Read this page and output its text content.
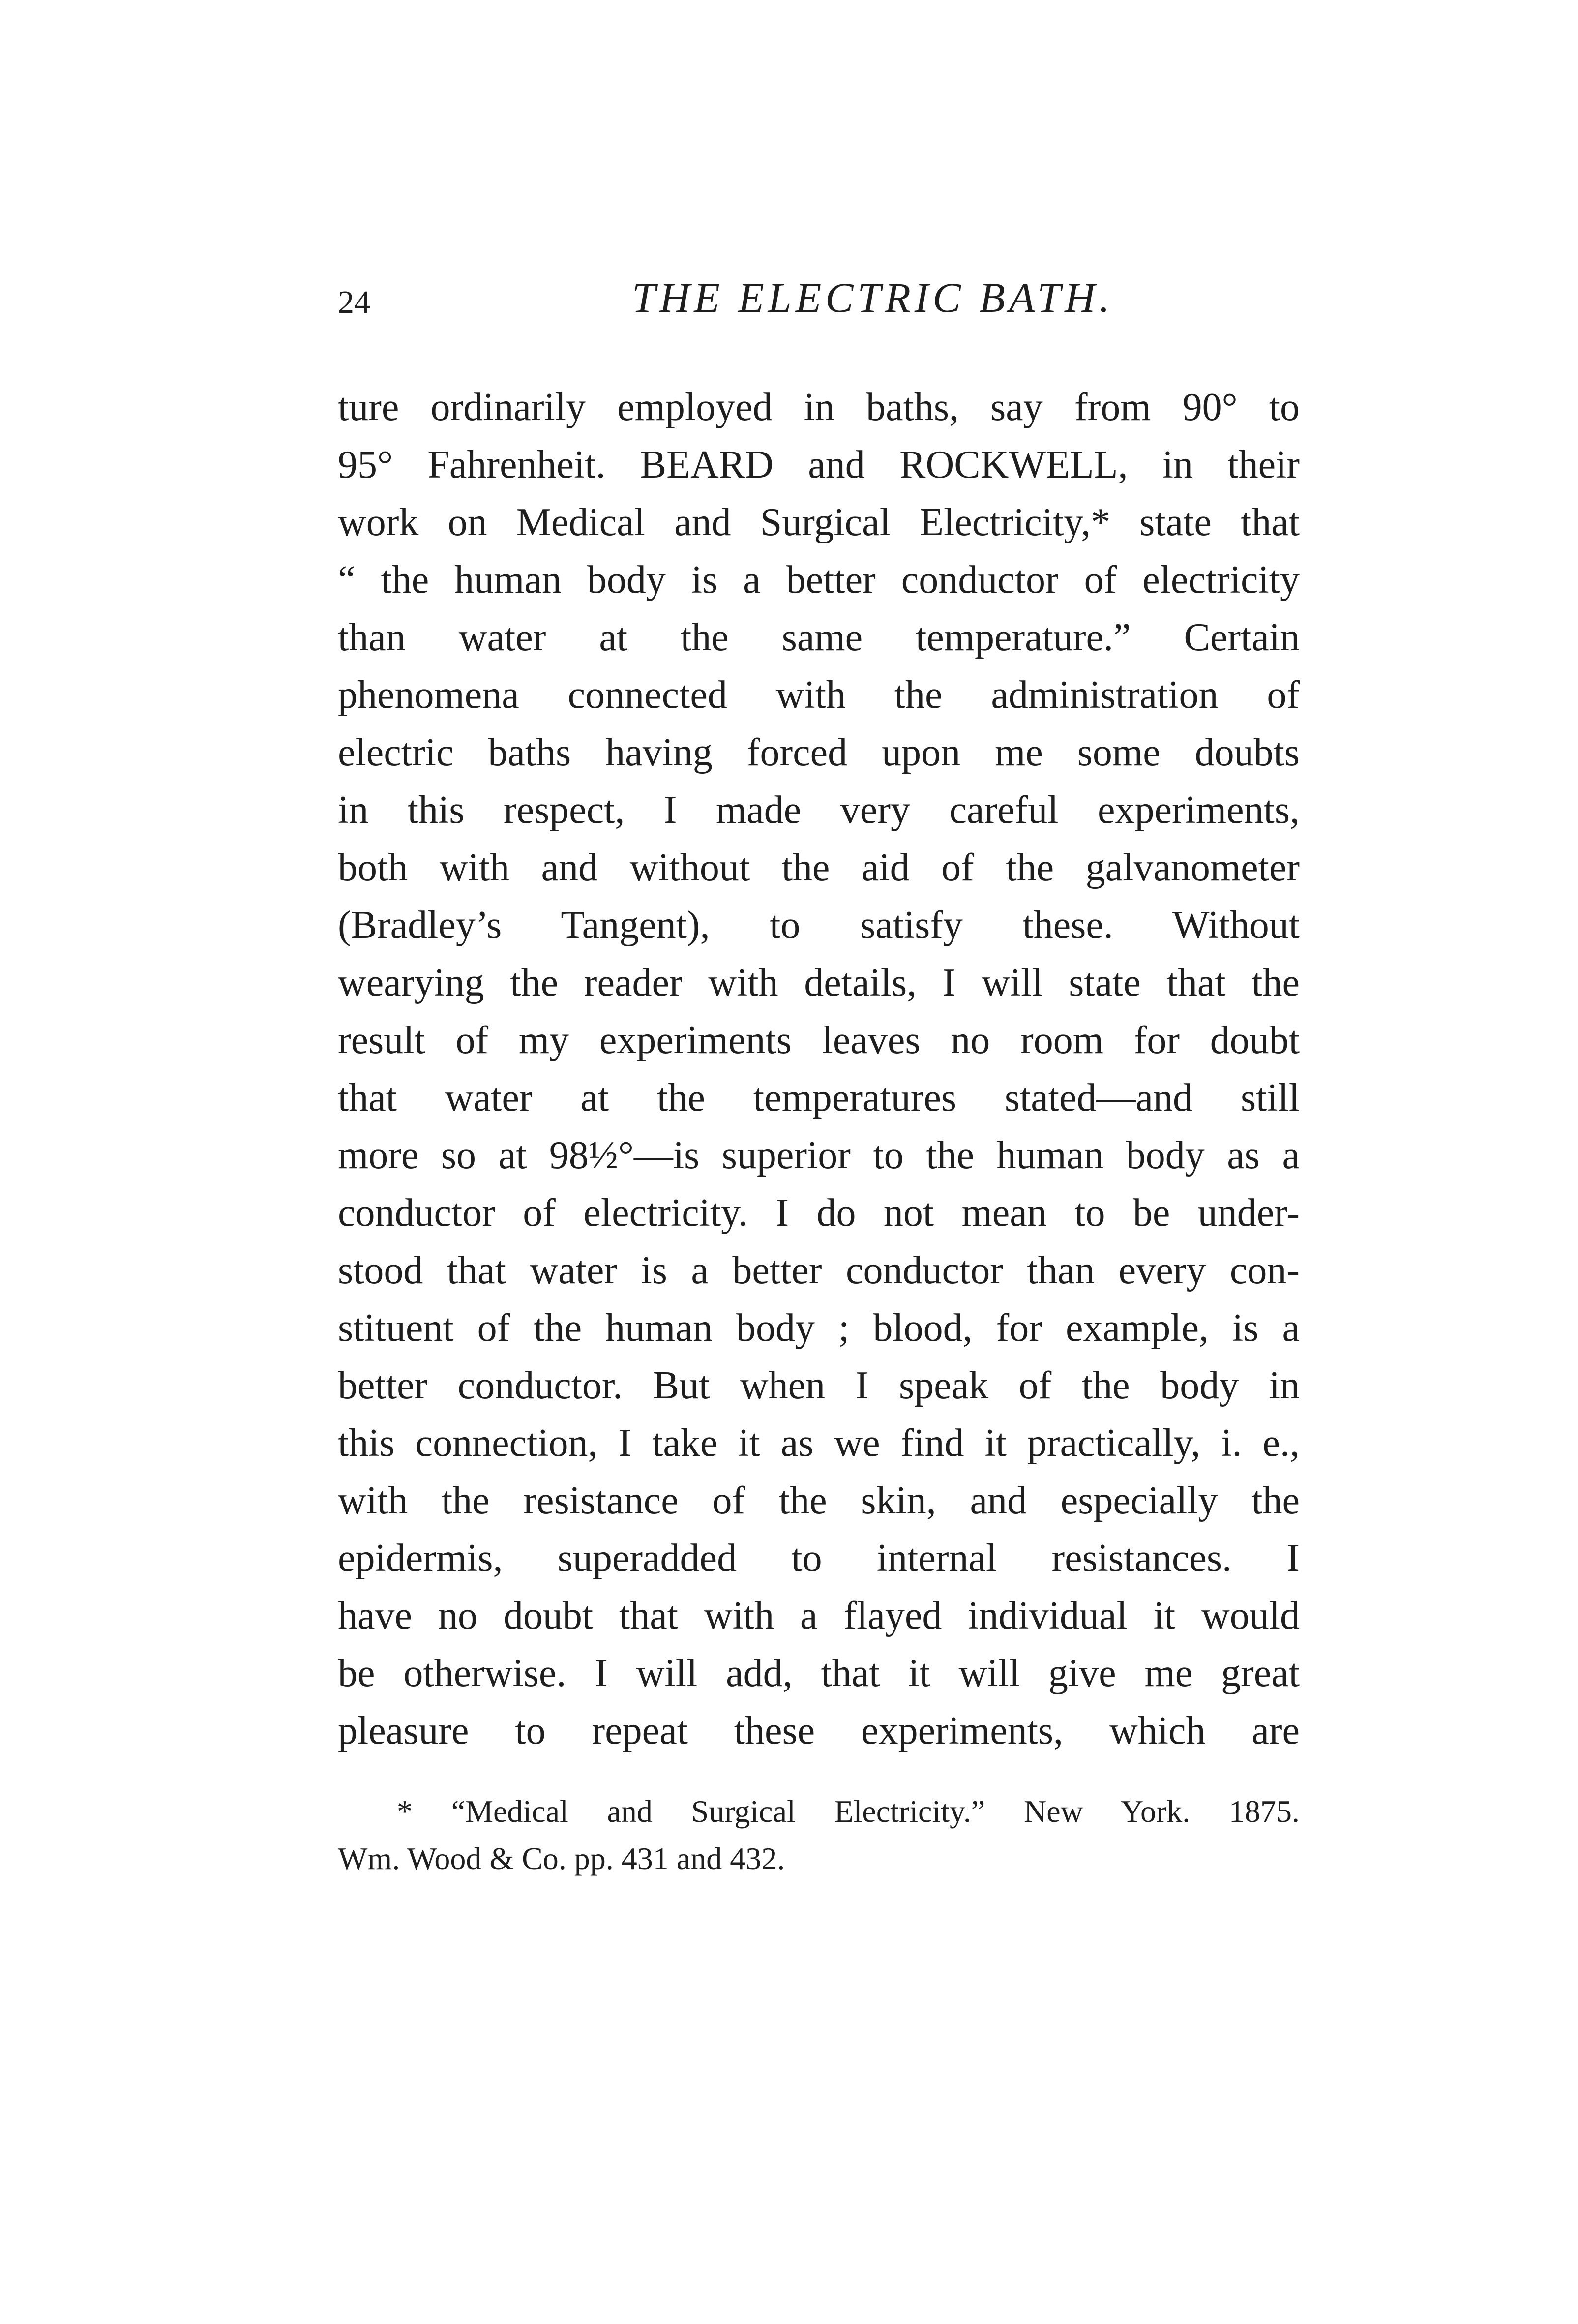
24	THE ELECTRIC BATH.
ture ordinarily employed in baths, say from 90° to
95° Fahrenheit. BEARD and ROCKWELL, in their
work on Medical and Surgical Electricity,* state that
“ the human body is a better conductor of electricity
than water at the same temperature.” Certain
phenomena connected with the administration of
electric baths having forced upon me some doubts
in this respect, I made very careful experiments,
both with and without the aid of the galvanometer
(Bradley’s Tangent), to satisfy these. Without
wearying the reader with details, I will state that the
result of my experiments leaves no room for doubt
that water at the temperatures stated—and still
more so at 98½°—is superior to the human body as a
conductor of electricity. I do not mean to be under-
stood that water is a better conductor than every con-
stituent of the human body ; blood, for example, is a
better conductor. But when I speak of the body in
this connection, I take it as we find it practically, i. e.,
with the resistance of the skin, and especially the
epidermis, superadded to internal resistances. I
have no doubt that with a flayed individual it would
be otherwise. I will add, that it will give me great
pleasure to repeat these experiments, which are
* “Medical and Surgical Electricity.” New York. 1875.
Wm. Wood & Co. pp. 431 and 432.
